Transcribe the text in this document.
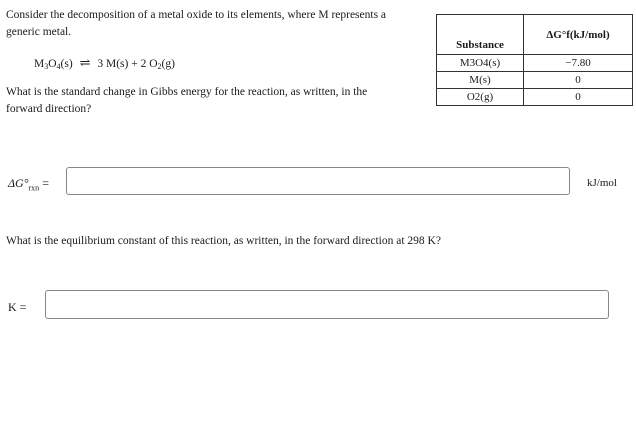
Consider the decomposition of a metal oxide to its elements, where M represents a generic metal.
$M_3O_4(s)$ ⇌ 3 M(s) + 2 $O_2(g)$
What is the standard change in Gibbs energy for the reaction, as written, in the forward direction?
Substance	ΔG°f(kJ/mol)
M3O4(s)	−7.80
M(s)	0
O2(g)	0
$\Delta G^\circ_{rxn}$ =	kJ/mol
What is the equilibrium constant of this reaction, as written, in the forward direction at 298 K?
K =
